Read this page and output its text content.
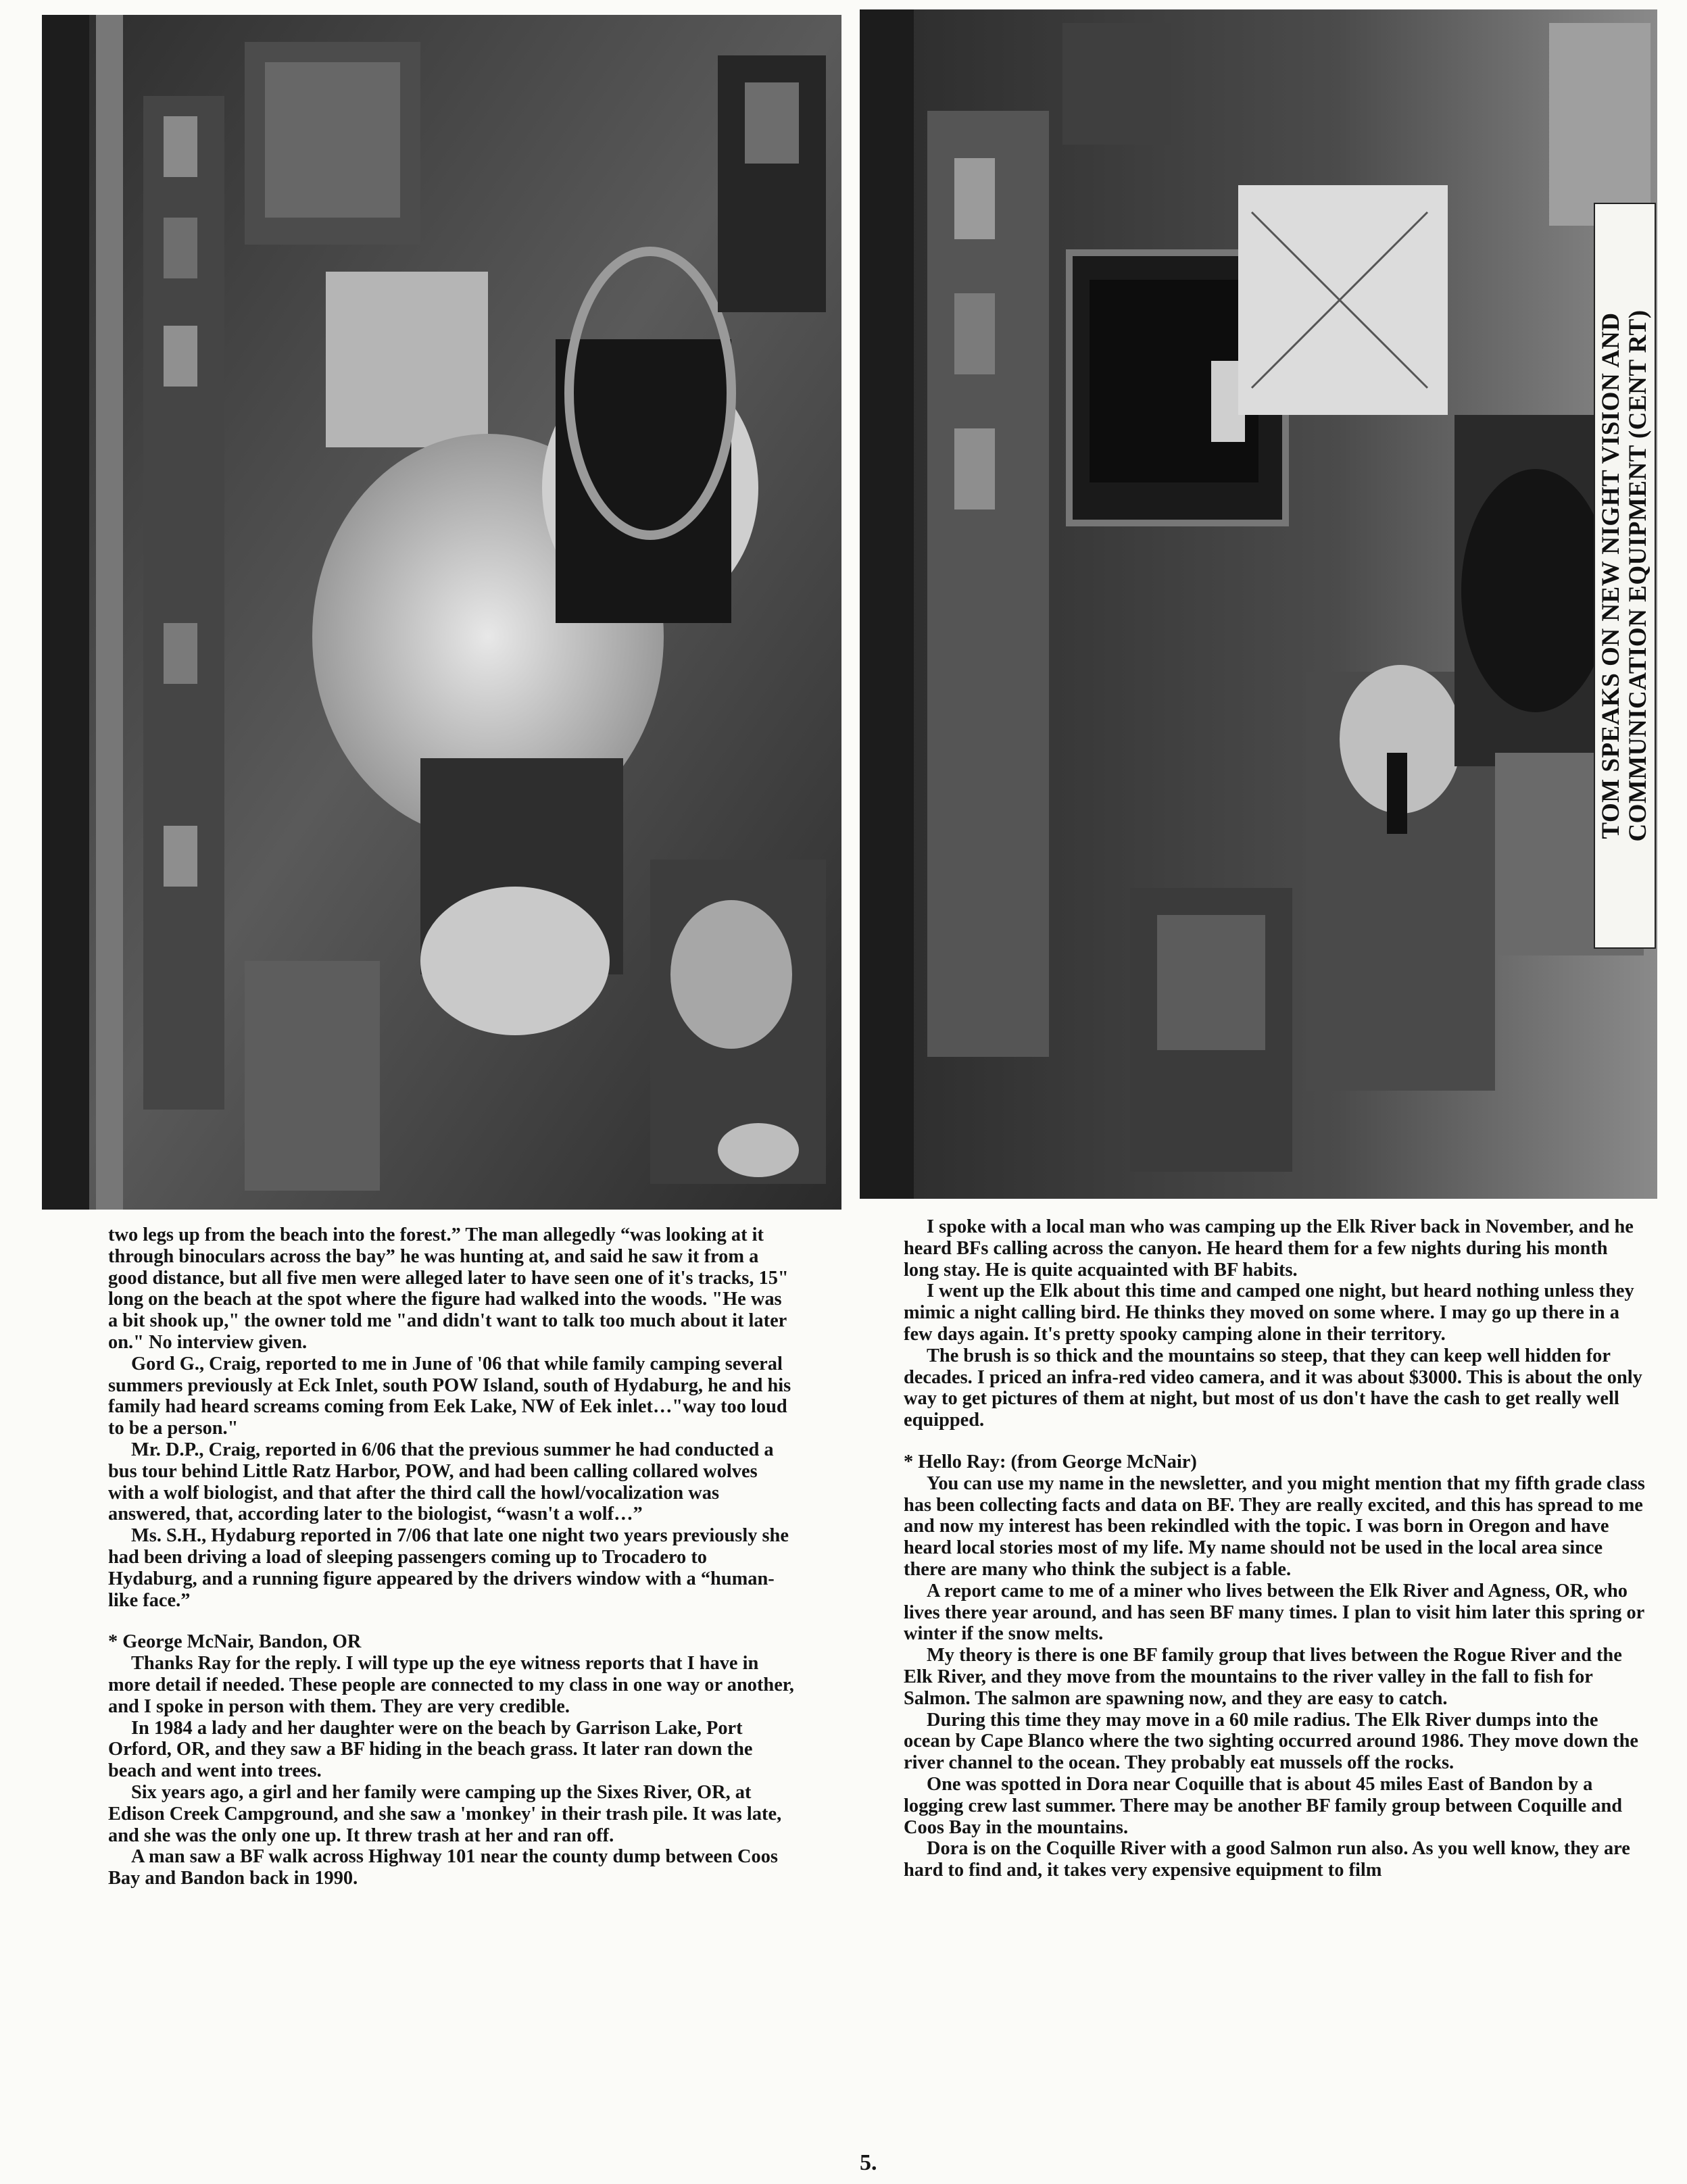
TOM SPEAKS ON NEW NIGHT VISION AND COMMUNICATION EQUIPMENT (CENT RT)

two legs up from the beach into the forest.” The man allegedly “was looking at it through binoculars across the bay” he was hunting at, and said he saw it from a good distance, but all five men were alleged later to have seen one of it's tracks, 15" long on the beach at the spot where the figure had walked into the woods. "He was a bit shook up," the owner told me "and didn't want to talk too much about it later on." No interview given.

Gord G., Craig, reported to me in June of '06 that while family camping several summers previously at Eck Inlet, south POW Island, south of Hydaburg, he and his family had heard screams coming from Eek Lake, NW of Eek inlet…"way too loud to be a person."

Mr. D.P., Craig, reported in 6/06 that the previous summer he had conducted a bus tour behind Little Ratz Harbor, POW, and had been calling collared wolves with a wolf biologist, and that after the third call the howl/vocalization was answered, that, according later to the biologist, “wasn't a wolf…”

Ms. S.H., Hydaburg reported in 7/06 that late one night two years previously she had been driving a load of sleeping passengers coming up to Trocadero to Hydaburg, and a running figure appeared by the drivers window with a “human-like face.”

* George McNair, Bandon, OR

Thanks Ray for the reply. I will type up the eye witness reports that I have in more detail if needed. These people are connected to my class in one way or another, and I spoke in person with them. They are very credible.

In 1984 a lady and her daughter were on the beach by Garrison Lake, Port Orford, OR, and they saw a BF hiding in the beach grass. It later ran down the beach and went into trees.

Six years ago, a girl and her family were camping up the Sixes River, OR, at Edison Creek Campground, and she saw a 'monkey' in their trash pile. It was late, and she was the only one up. It threw trash at her and ran off.

A man saw a BF walk across Highway 101 near the county dump between Coos Bay and Bandon back in 1990.

I spoke with a local man who was camping up the Elk River back in November, and he heard BFs calling across the canyon. He heard them for a few nights during his month long stay. He is quite acquainted with BF habits.

I went up the Elk about this time and camped one night, but heard nothing unless they mimic a night calling bird. He thinks they moved on some where. I may go up there in a few days again. It's pretty spooky camping alone in their territory.

The brush is so thick and the mountains so steep, that they can keep well hidden for decades. I priced an infra-red video camera, and it was about $3000. This is about the only way to get pictures of them at night, but most of us don't have the cash to get really well equipped.

* Hello Ray: (from George McNair)

You can use my name in the newsletter, and you might mention that my fifth grade class has been collecting facts and data on BF. They are really excited, and this has spread to me and now my interest has been rekindled with the topic. I was born in Oregon and have heard local stories most of my life. My name should not be used in the local area since there are many who think the subject is a fable.

A report came to me of a miner who lives between the Elk River and Agness, OR, who lives there year around, and has seen BF many times. I plan to visit him later this spring or winter if the snow melts.

My theory is there is one BF family group that lives between the Rogue River and the Elk River, and they move from the mountains to the river valley in the fall to fish for Salmon. The salmon are spawning now, and they are easy to catch.

During this time they may move in a 60 mile radius. The Elk River dumps into the ocean by Cape Blanco where the two sighting occurred around 1986. They move down the river channel to the ocean. They probably eat mussels off the rocks.

One was spotted in Dora near Coquille that is about 45 miles East of Bandon by a logging crew last summer. There may be another BF family group between Coquille and Coos Bay in the mountains.

Dora is on the Coquille River with a good Salmon run also. As you well know, they are hard to find and, it takes very expensive equipment to film

5.
